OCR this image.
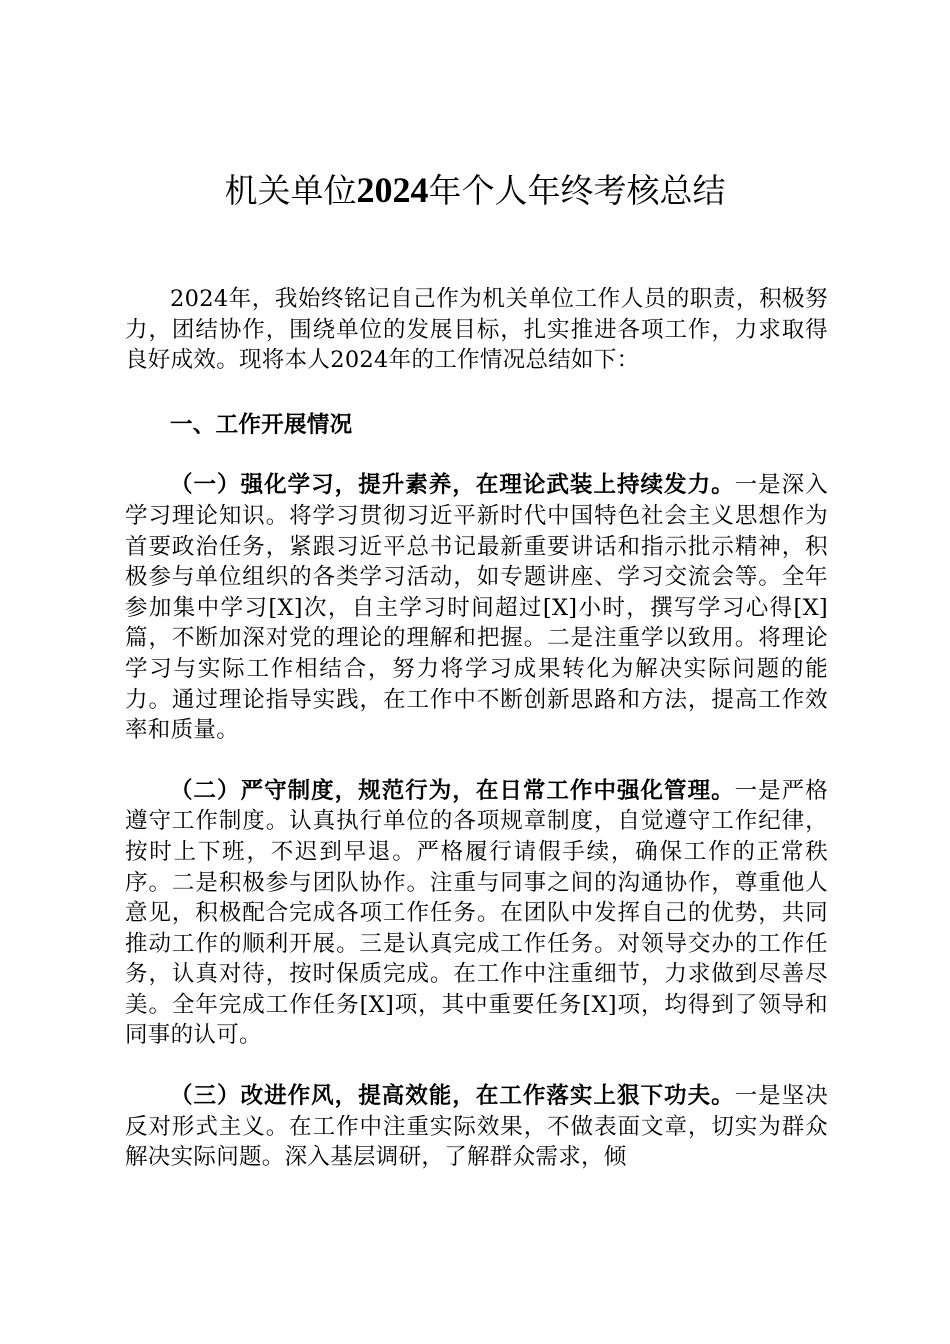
机关单位2024年个人年终考核总结

2024年，我始终铭记自己作为机关单位工作人员的职责，积极努力，团结协作，围绕单位的发展目标，扎实推进各项工作，力求取得良好成效。现将本人2024年的工作情况总结如下：

一、工作开展情况

（一）强化学习，提升素养，在理论武装上持续发力。一是深入学习理论知识。将学习贯彻习近平新时代中国特色社会主义思想作为首要政治任务，紧跟习近平总书记最新重要讲话和指示批示精神，积极参与单位组织的各类学习活动，如专题讲座、学习交流会等。全年参加集中学习[X]次，自主学习时间超过[X]小时，撰写学习心得[X]篇，不断加深对党的理论的理解和把握。二是注重学以致用。将理论学习与实际工作相结合，努力将学习成果转化为解决实际问题的能力。通过理论指导实践，在工作中不断创新思路和方法，提高工作效率和质量。

（二）严守制度，规范行为，在日常工作中强化管理。一是严格遵守工作制度。认真执行单位的各项规章制度，自觉遵守工作纪律，按时上下班，不迟到早退。严格履行请假手续，确保工作的正常秩序。二是积极参与团队协作。注重与同事之间的沟通协作，尊重他人意见，积极配合完成各项工作任务。在团队中发挥自己的优势，共同推动工作的顺利开展。三是认真完成工作任务。对领导交办的工作任务，认真对待，按时保质完成。在工作中注重细节，力求做到尽善尽美。全年完成工作任务[X]项，其中重要任务[X]项，均得到了领导和同事的认可。

（三）改进作风，提高效能，在工作落实上狠下功夫。一是坚决反对形式主义。在工作中注重实际效果，不做表面文章，切实为群众解决实际问题。深入基层调研，了解群众需求，倾
